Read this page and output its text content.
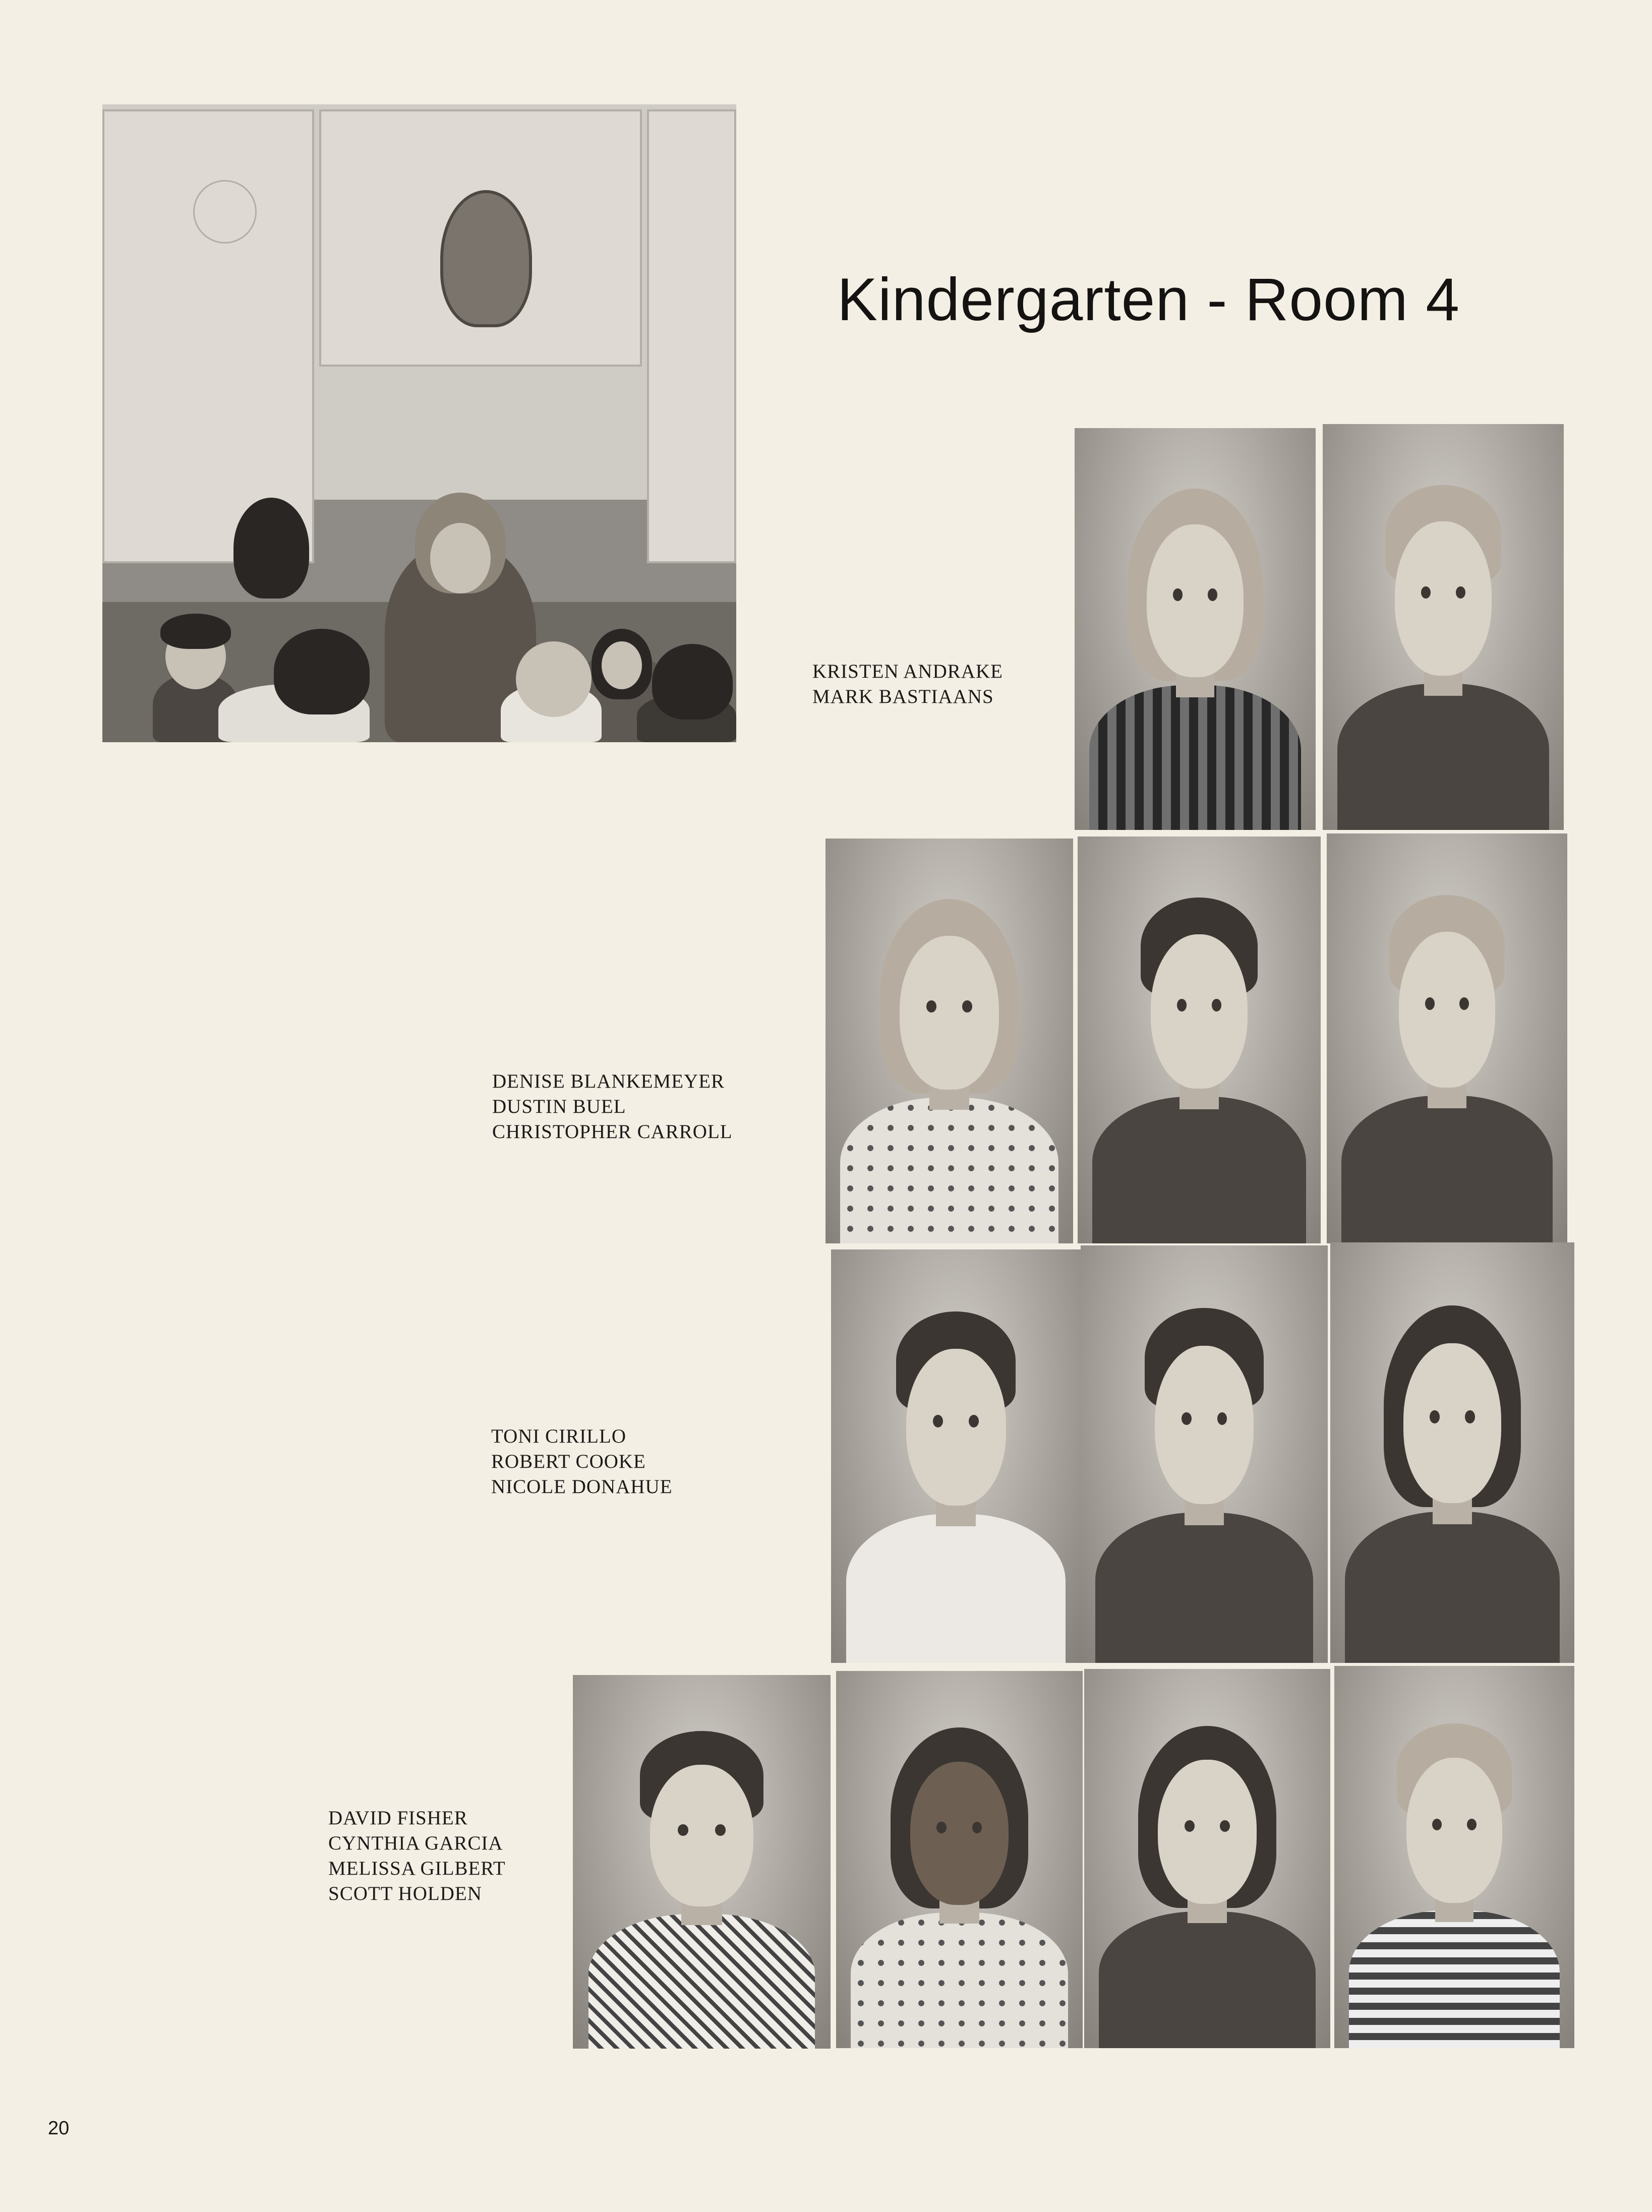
Kindergarten - Room 4
KRISTEN ANDRAKE
MARK BASTIAANS
DENISE BLANKEMEYER
DUSTIN BUEL
CHRISTOPHER CARROLL
TONI CIRILLO
ROBERT COOKE
NICOLE DONAHUE
DAVID FISHER
CYNTHIA GARCIA
MELISSA GILBERT
SCOTT HOLDEN
20
